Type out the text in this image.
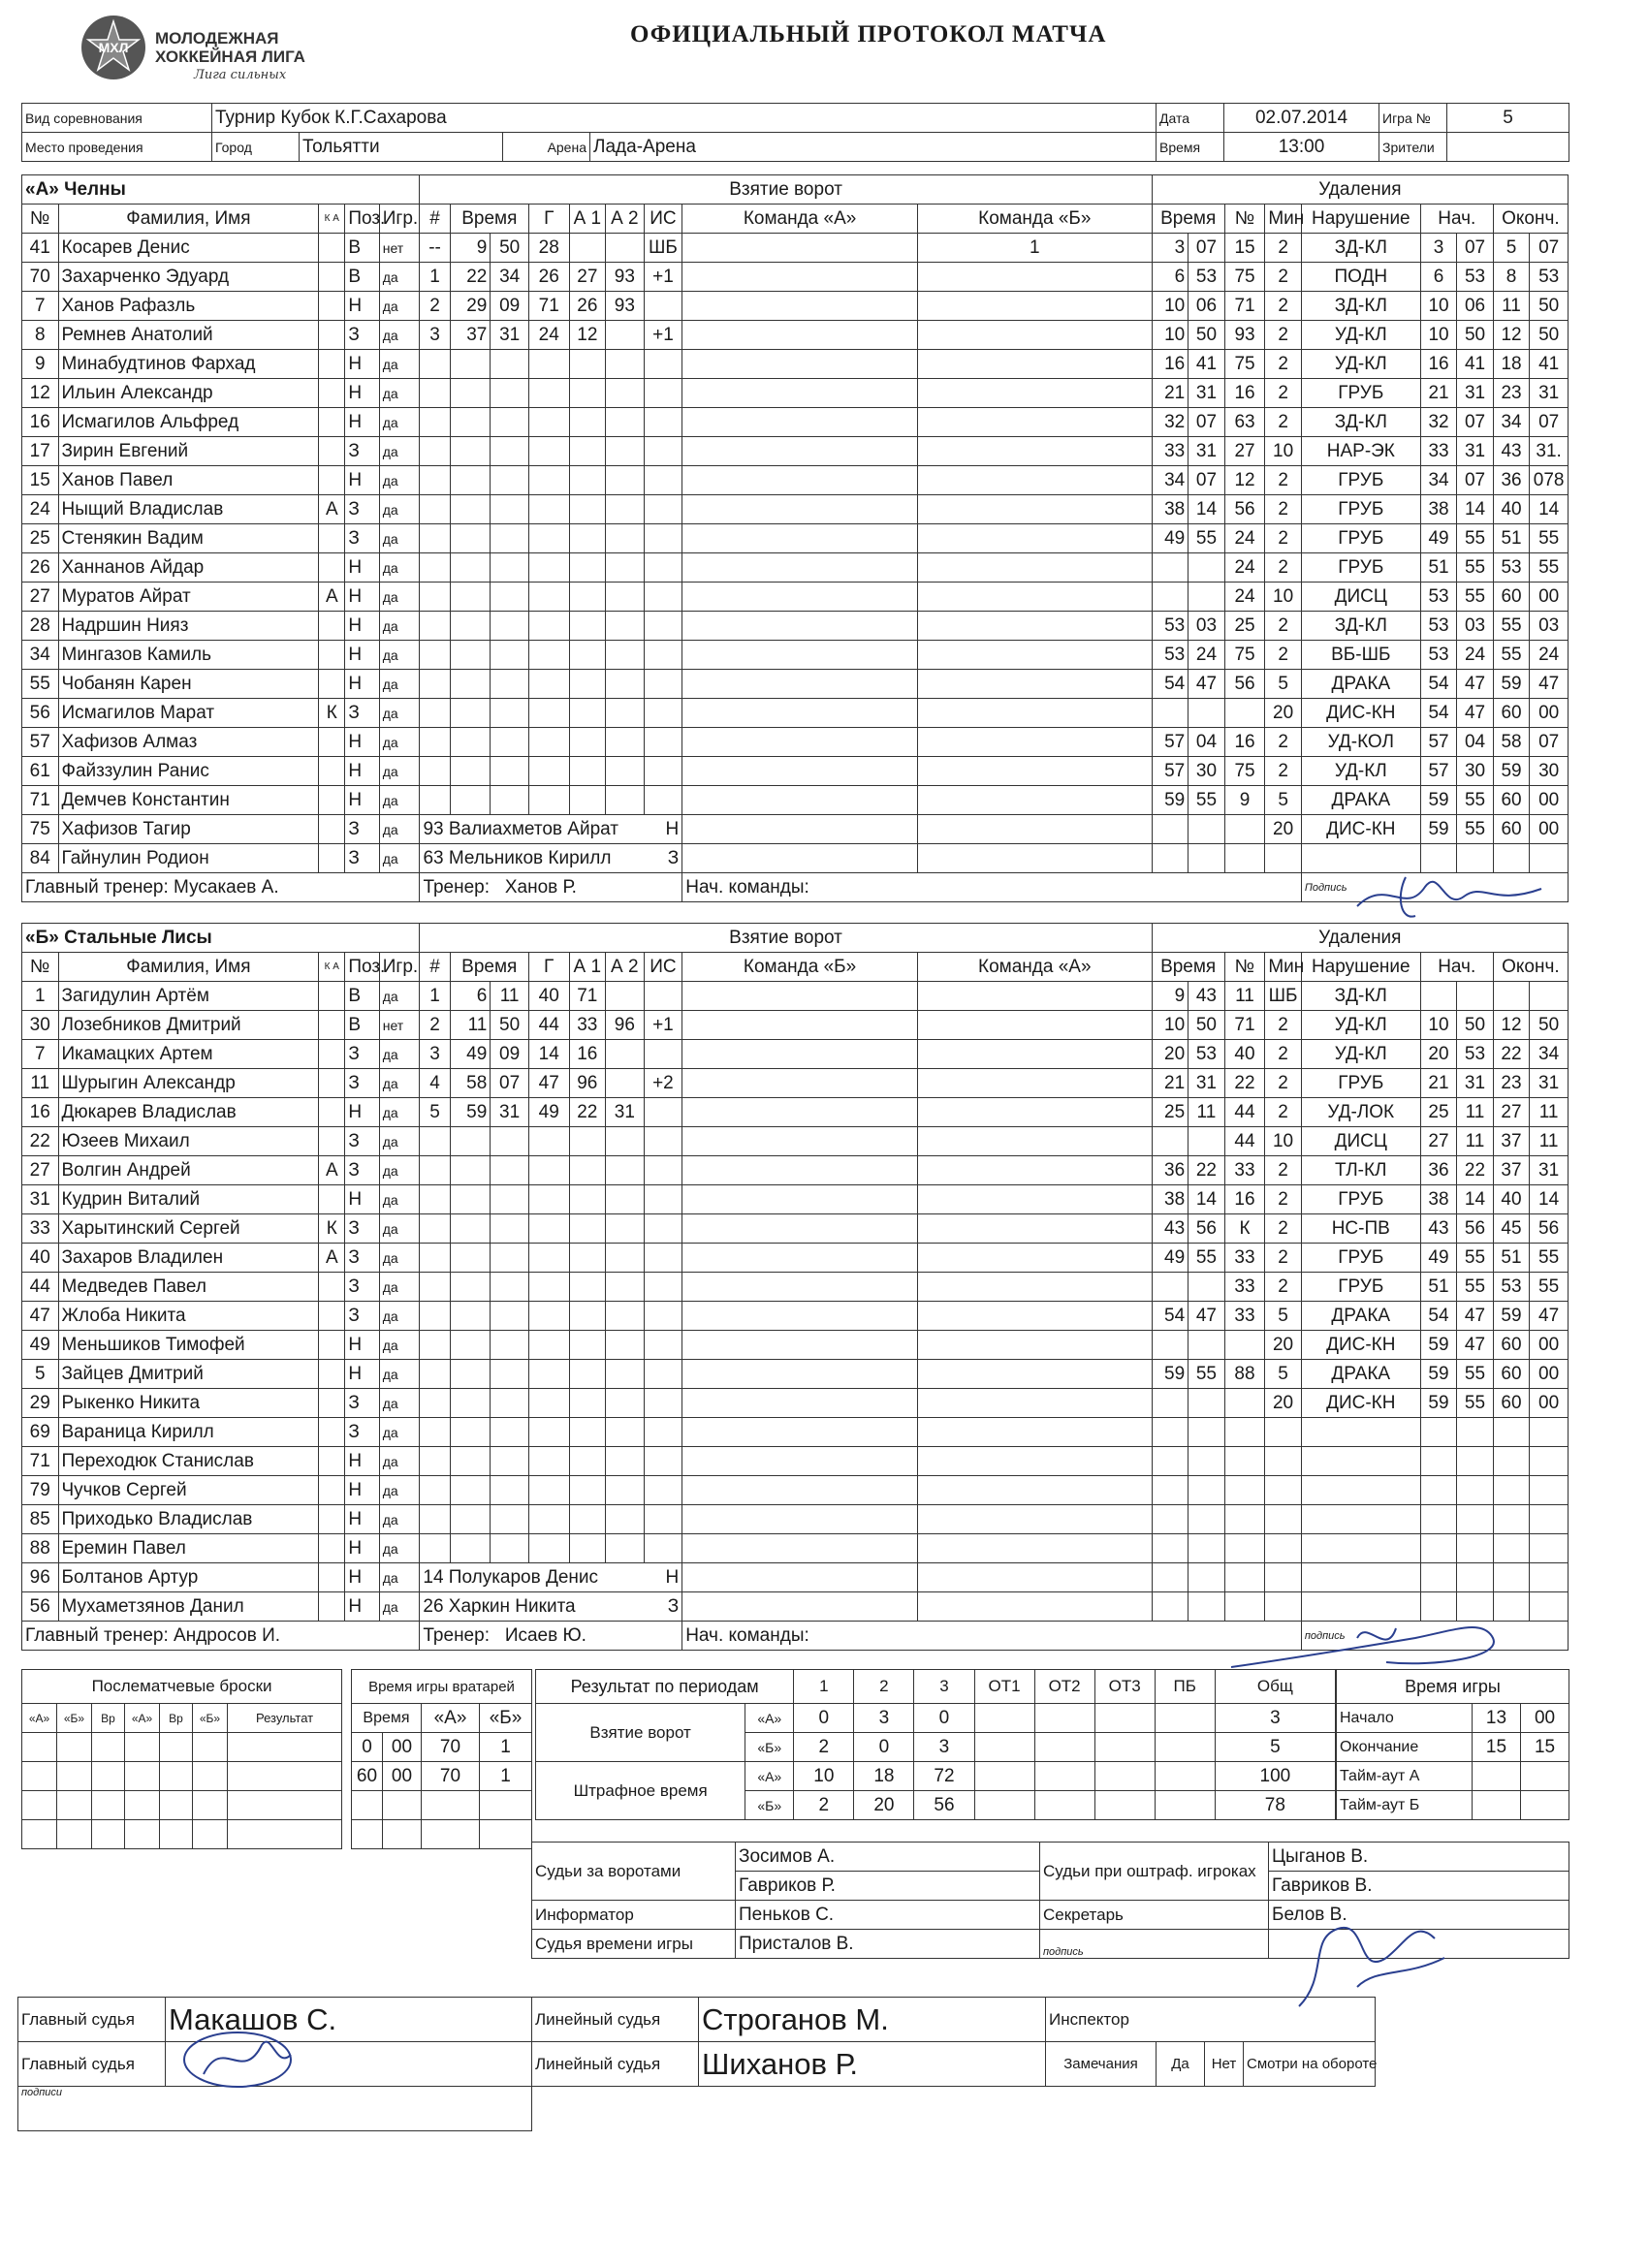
МХЛ МОЛОДЕЖНАЯ
ХОККЕЙНАЯ ЛИГА
Лига сильных
ОФИЦИАЛЬНЫЙ ПРОТОКОЛ МАТЧА
Вид соревнования	Турнир Кубок К.Г.Сахарова				Дата	02.07.2014	Игра №	5
Место проведения	Город	Тольятти	Арена	Лада-Арена	Время	13:00	Зрители	
«А» Челны					Взятие ворот									Удаления								
№	Фамилия, Имя	К А	Поз.	Игр.	#	Время		Г	А 1	А 2	ИС	Команда «А»	Команда «Б»	Время		№	Мин	Нарушение	Нач.		Оконч.	
41	Косарев Денис		В	нет	--	9	50	28			ШБ		1	3	07	15	2	ЗД-КЛ	3	07	5	07
70	Захарченко Эдуард		В	да	1	22	34	26	27	93	+1			6	53	75	2	ПОДН	6	53	8	53
7	Ханов Рафазль		Н	да	2	29	09	71	26	93				10	06	71	2	ЗД-КЛ	10	06	11	50
8	Ремнев Анатолий		З	да	3	37	31	24	12		+1			10	50	93	2	УД-КЛ	10	50	12	50
9	Минабудтинов Фархад		Н	да										16	41	75	2	УД-КЛ	16	41	18	41
12	Ильин Александр		Н	да										21	31	16	2	ГРУБ	21	31	23	31
16	Исмагилов Альфред		Н	да										32	07	63	2	ЗД-КЛ	32	07	34	07
17	Зирин Евгений		З	да										33	31	27	10	НАР-ЭК	33	31	43	31.
15	Ханов Павел		Н	да										34	07	12	2	ГРУБ	34	07	36	078
24	Ныщий Владислав	А	З	да										38	14	56	2	ГРУБ	38	14	40	14
25	Стенякин Вадим		З	да										49	55	24	2	ГРУБ	49	55	51	55
26	Ханнанов Айдар		Н	да												24	2	ГРУБ	51	55	53	55
27	Муратов Айрат	А	Н	да												24	10	ДИСЦ	53	55	60	00
28	Надршин Нияз		Н	да										53	03	25	2	ЗД-КЛ	53	03	55	03
34	Мингазов Камиль		Н	да										53	24	75	2	ВБ-ШБ	53	24	55	24
55	Чобанян Карен		Н	да										54	47	56	5	ДРАКА	54	47	59	47
56	Исмагилов Марат	К	З	да													20	ДИС-КН	54	47	60	00
57	Хафизов Алмаз		Н	да										57	04	16	2	УД-КОЛ	57	04	58	07
61	Файззулин Ранис		Н	да										57	30	75	2	УД-КЛ	57	30	59	30
71	Демчев Константин		Н	да										59	55	9	5	ДРАКА	59	55	60	00
75	Хафизов Тагир		З	да	93 Валиахметов Айрат Н												20	ДИС-КН	59	55	60	00
84	Гайнулин Родион		З	да	63 Мельников Кирилл З																	

Главный тренер: Мусакаев А.					Тренер: Ханов Р.							Нач. команды:						Подпись				
«Б» Стальные Лисы					Взятие ворот									Удаления								
№	Фамилия, Имя	К А	Поз.	Игр.	#	Время		Г	А 1	А 2	ИС	Команда «Б»	Команда «А»	Время		№	Мин	Нарушение	Нач.		Оконч.	
1	Загидулин Артём		В	да	1	6	11	40	71					9	43	11	ШБ	ЗД-КЛ				
30	Лозебников Дмитрий		В	нет	2	11	50	44	33	96	+1			10	50	71	2	УД-КЛ	10	50	12	50
7	Икамацких Артем		З	да	3	49	09	14	16					20	53	40	2	УД-КЛ	20	53	22	34
11	Шурыгин Александр		З	да	4	58	07	47	96		+2			21	31	22	2	ГРУБ	21	31	23	31
16	Дюкарев Владислав		Н	да	5	59	31	49	22	31				25	11	44	2	УД-ЛОК	25	11	27	11
22	Юзеев Михаил		З	да												44	10	ДИСЦ	27	11	37	11
27	Волгин Андрей	А	З	да										36	22	33	2	ТЛ-КЛ	36	22	37	31
31	Кудрин Виталий		Н	да										38	14	16	2	ГРУБ	38	14	40	14
33	Харытинский Сергей	К	З	да										43	56	К	2	НС-ПВ	43	56	45	56
40	Захаров Владилен	А	З	да										49	55	33	2	ГРУБ	49	55	51	55
44	Медведев Павел		З	да												33	2	ГРУБ	51	55	53	55
47	Жлоба Никита		З	да										54	47	33	5	ДРАКА	54	47	59	47
49	Меньшиков Тимофей		Н	да													20	ДИС-КН	59	47	60	00
5	Зайцев Дмитрий		Н	да										59	55	88	5	ДРАКА	59	55	60	00
29	Рыкенко Никита		З	да													20	ДИС-КН	59	55	60	00
69	Вараница Кирилл		З	да																		
71	Переходюк Станислав		Н	да																		
79	Чучков Сергей		Н	да																		
85	Приходько Владислав		Н	да																		
88	Еремин Павел		Н	да																		
96	Болтанов Артур		Н	да	14 Полукаров Денис Н																	

56	Мухаметзянов Данил		Н	да	26 Харкин Никита З																	

Главный тренер: Андросов И.					Тренер: Исаев Ю.							Нач. команды:						подпись				
Послематчевые броски						
«А»	«Б»	Вр	«А»	Вр	«Б»	Результат

Время игры вратарей			
Время		«А»	«Б»
0	00	70	1
60	00	70	1

Результат по периодам		1	2	3	ОТ1	ОТ2	ОТ3	ПБ	Общ
Взятие ворот	«А»	0	3	0					3
	«Б»	2	0	3					5
Штрафное время	«А»	10	18	72					100
	«Б»	2	20	56					78
Время игры		
Начало	13	00
Окончание	15	15
Тайм-аут А		
Тайм-аут Б		
Судьи за воротами	Зосимов А.	Судьи при оштраф. игроках	Цыганов В.
	Гавриков Р.		Гавриков В.
Информатор	Пеньков С.	Секретарь	Белов В.
Судья времени игры	Присталов В.	подпись	
Главный судья	Макашов С.	Линейный судья	Строганов М.	Инспектор				
Главный судья		Линейный судья	Шиханов Р.	Замечания	Да	Нет	Смотри на обороте	
подписи								
